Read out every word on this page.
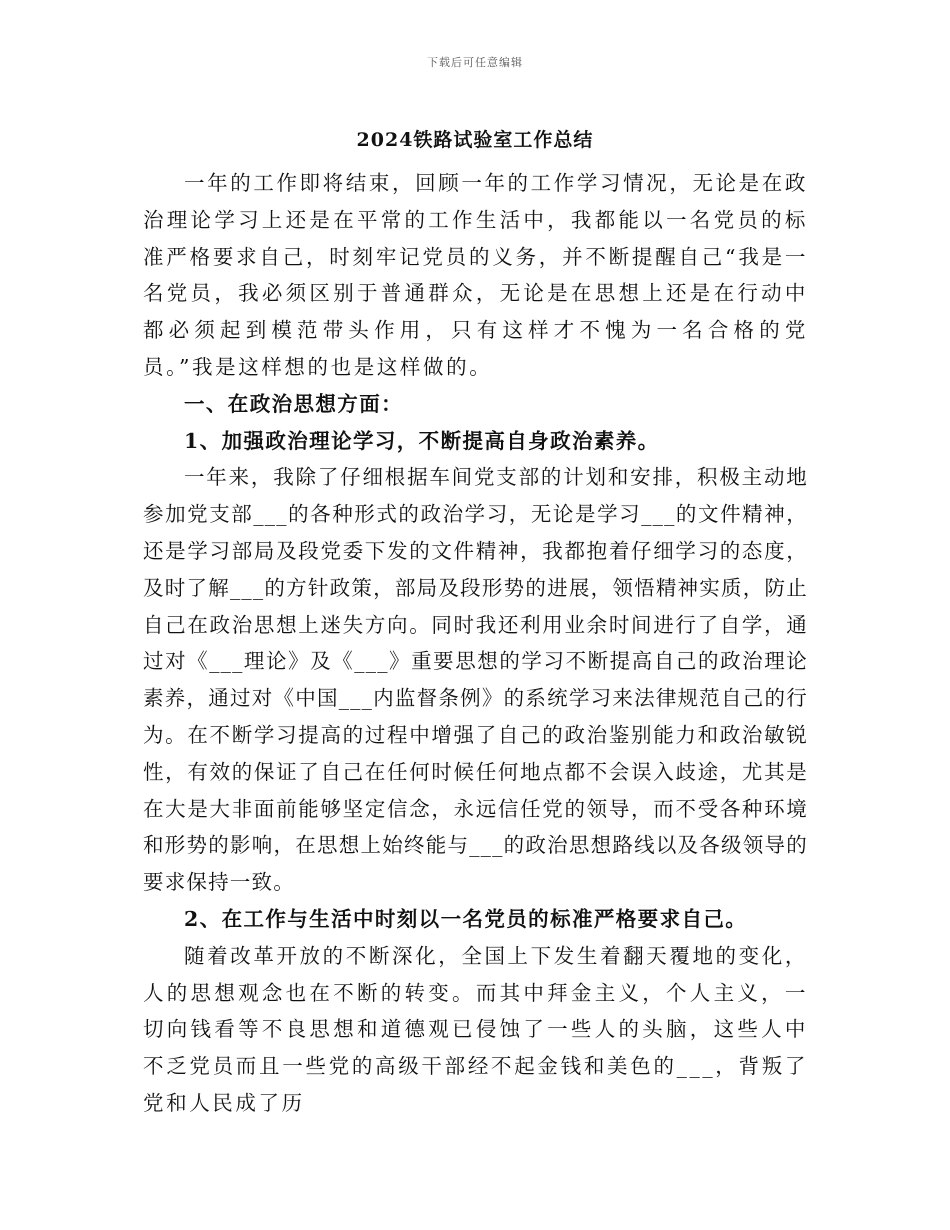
下载后可任意编辑
2024铁路试验室工作总结

一年的工作即将结束，回顾一年的工作学习情况，无论是在政治理论学习上还是在平常的工作生活中，我都能以一名党员的标准严格要求自己，时刻牢记党员的义务，并不断提醒自己“我是一名党员，我必须区别于普通群众，无论是在思想上还是在行动中都必须起到模范带头作用，只有这样才不愧为一名合格的党员。”我是这样想的也是这样做的。

一、在政治思想方面：

1、加强政治理论学习，不断提高自身政治素养。

一年来，我除了仔细根据车间党支部的计划和安排，积极主动地参加党支部___的各种形式的政治学习，无论是学习___的文件精神，还是学习部局及段党委下发的文件精神，我都抱着仔细学习的态度，及时了解___的方针政策，部局及段形势的进展，领悟精神实质，防止自己在政治思想上迷失方向。同时我还利用业余时间进行了自学，通过对《___理论》及《___》重要思想的学习不断提高自己的政治理论素养，通过对《中国___内监督条例》的系统学习来法律规范自己的行为。在不断学习提高的过程中增强了自己的政治鉴别能力和政治敏锐性，有效的保证了自己在任何时候任何地点都不会误入歧途，尤其是在大是大非面前能够坚定信念，永远信任党的领导，而不受各种环境和形势的影响，在思想上始终能与___的政治思想路线以及各级领导的要求保持一致。

2、在工作与生活中时刻以一名党员的标准严格要求自己。

随着改革开放的不断深化，全国上下发生着翻天覆地的变化，人的思想观念也在不断的转变。而其中拜金主义，个人主义，一切向钱看等不良思想和道德观已侵蚀了一些人的头脑，这些人中不乏党员而且一些党的高级干部经不起金钱和美色的___，背叛了党和人民成了历
